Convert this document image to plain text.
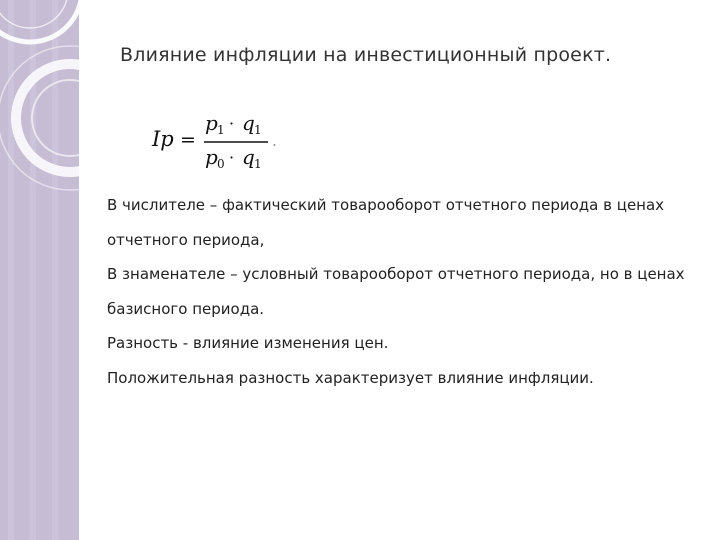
Влияние инфляции на инвестиционный проект.
Ip =
p 1 · q 1
p 0 · q 1
.

В числителе – фактический товарооборот отчетного периода в ценах отчетного периода,

В знаменателе – условный товарооборот отчетного периода, но в ценах базисного периода.

Разность - влияние изменения цен.

Положительная разность характеризует влияние инфляции.
